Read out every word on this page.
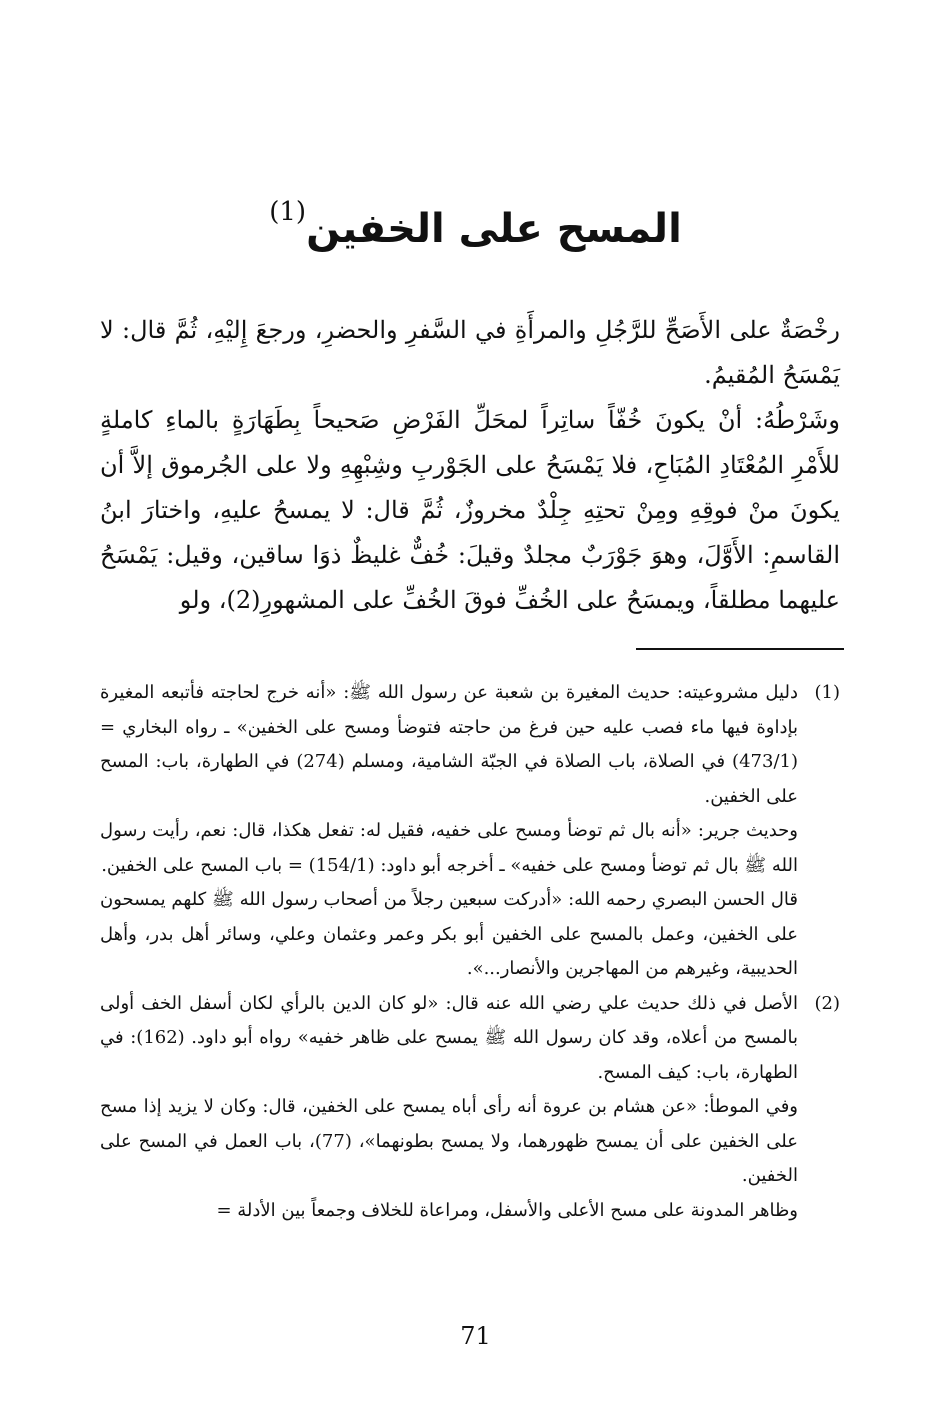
المسح على الخفين$^{(1)}$

رخْصَةٌ على الأَصَحِّ للرَّجُلِ والمرأَةِ في السَّفرِ والحضرِ، ورجعَ إِليْهِ، ثُمَّ قال: لا يَمْسَحُ المُقيمُ.

وشَرْطُهُ: أنْ يكونَ خُفّاً ساتِراً لمحَلِّ الفَرْضِ صَحيحاً بِطَهَارَةٍ بالماءِ كاملةٍ للأَمْرِ المُعْتَادِ المُبَاحِ، فلا يَمْسَحُ على الجَوْربِ وشِبْهِهِ ولا على الجُرموق إلاَّ أن يكونَ منْ فوقِهِ ومِنْ تحتِهِ جِلْدٌ مخروزٌ، ثُمَّ قال: لا يمسحُ عليهِ، واختارَ ابنُ القاسمِ: الأَوَّلَ، وهوَ جَوْرَبٌ مجلدٌ وقيلَ: خُفٌّ غليظٌ ذوَا ساقين، وقيل: يَمْسَحُ عليهما مطلقاً، ويمسَحُ على الخُفِّ فوقَ الخُفِّ على المشهورِ(2)، ولو

(1)

دليل مشروعيته: حديث المغيرة بن شعبة عن رسول الله ﷺ: «أنه خرج لحاجته فأتبعه المغيرة بإداوة فيها ماء فصب عليه حين فرغ من حاجته فتوضأ ومسح على الخفين» ـ رواه البخاري = (473/1) في الصلاة، باب الصلاة في الجبّة الشامية، ومسلم (274) في الطهارة، باب: المسح على الخفين.

وحديث جرير: «أنه بال ثم توضأ ومسح على خفيه، فقيل له: تفعل هكذا، قال: نعم، رأيت رسول الله ﷺ بال ثم توضأ ومسح على خفيه» ـ أخرجه أبو داود: (154/1) = باب المسح على الخفين.

قال الحسن البصري رحمه الله: «أدركت سبعين رجلاً من أصحاب رسول الله ﷺ كلهم يمسحون على الخفين، وعمل بالمسح على الخفين أبو بكر وعمر وعثمان وعلي، وسائر أهل بدر، وأهل الحديبية، وغيرهم من المهاجرين والأنصار...».

(2)

الأصل في ذلك حديث علي رضي الله عنه قال: «لو كان الدين بالرأي لكان أسفل الخف أولى بالمسح من أعلاه، وقد كان رسول الله ﷺ يمسح على ظاهر خفيه» رواه أبو داود. (162): في الطهارة، باب: كيف المسح.

وفي الموطأ: «عن هشام بن عروة أنه رأى أباه يمسح على الخفين، قال: وكان لا يزيد إذا مسح على الخفين على أن يمسح ظهورهما، ولا يمسح بطونهما»، (77)، باب العمل في المسح على الخفين.

وظاهر المدونة على مسح الأعلى والأسفل، ومراعاة للخلاف وجمعاً بين الأدلة =

71
